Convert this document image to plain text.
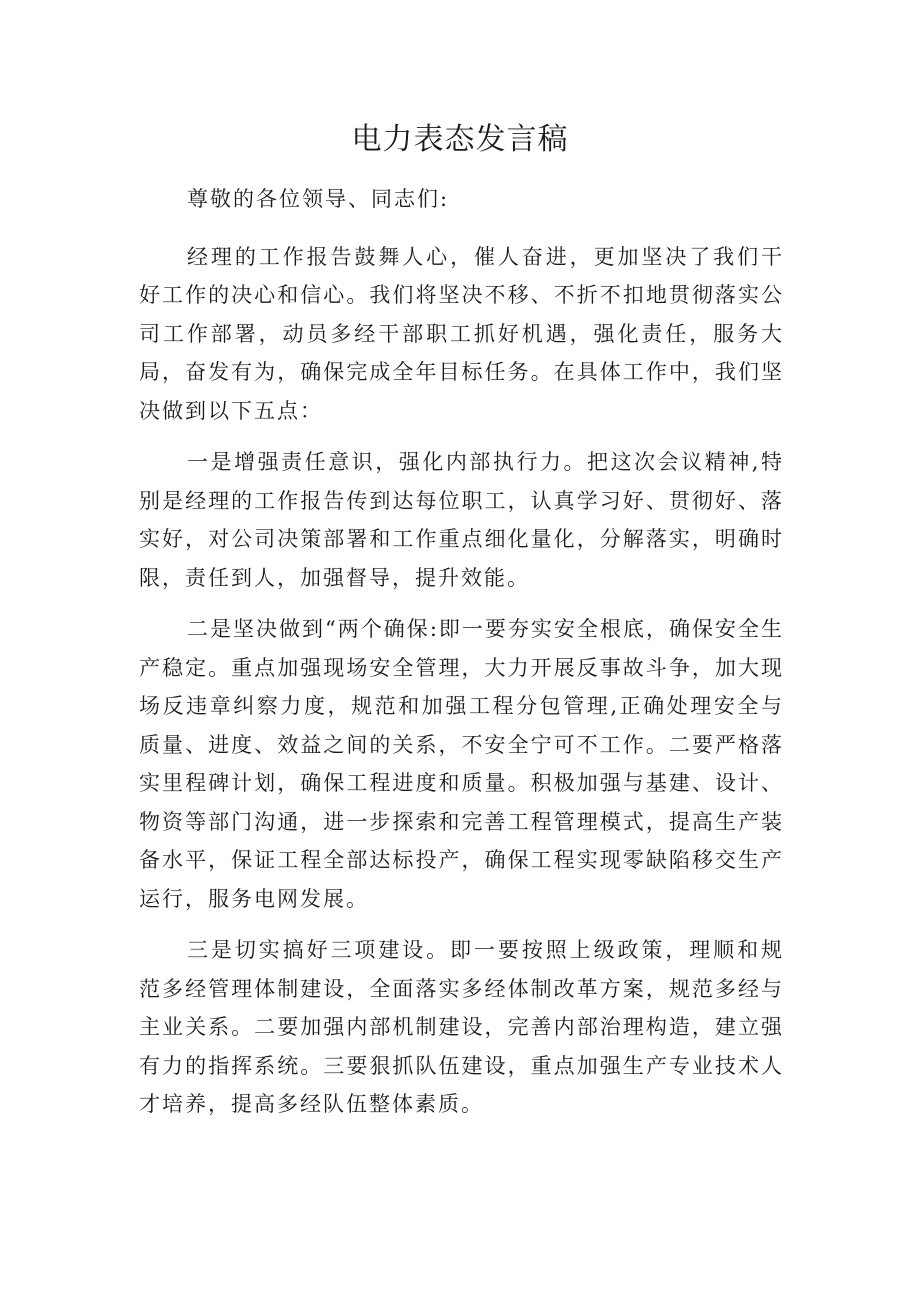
电力表态发言稿

尊敬的各位领导、同志们:

经理的工作报告鼓舞人心，催人奋进，更加坚决了我们干好工作的决心和信心。我们将坚决不移、不折不扣地贯彻落实公司工作部署，动员多经干部职工抓好机遇，强化责任，服务大局，奋发有为，确保完成全年目标任务。在具体工作中，我们坚决做到以下五点：

一是增强责任意识，强化内部执行力。把这次会议精神,特别是经理的工作报告传到达每位职工，认真学习好、贯彻好、落实好，对公司决策部署和工作重点细化量化，分解落实，明确时限，责任到人，加强督导，提升效能。

二是坚决做到“两个确保:即一要夯实安全根底，确保安全生产稳定。重点加强现场安全管理，大力开展反事故斗争，加大现场反违章纠察力度，规范和加强工程分包管理,正确处理安全与质量、进度、效益之间的关系，不安全宁可不工作。二要严格落实里程碑计划，确保工程进度和质量。积极加强与基建、设计、物资等部门沟通，进一步探索和完善工程管理模式，提高生产装备水平，保证工程全部达标投产，确保工程实现零缺陷移交生产运行，服务电网发展。

三是切实搞好三项建设。即一要按照上级政策，理顺和规范多经管理体制建设，全面落实多经体制改革方案，规范多经与主业关系。二要加强内部机制建设，完善内部治理构造，建立强有力的指挥系统。三要狠抓队伍建设，重点加强生产专业技术人才培养，提高多经队伍整体素质。
